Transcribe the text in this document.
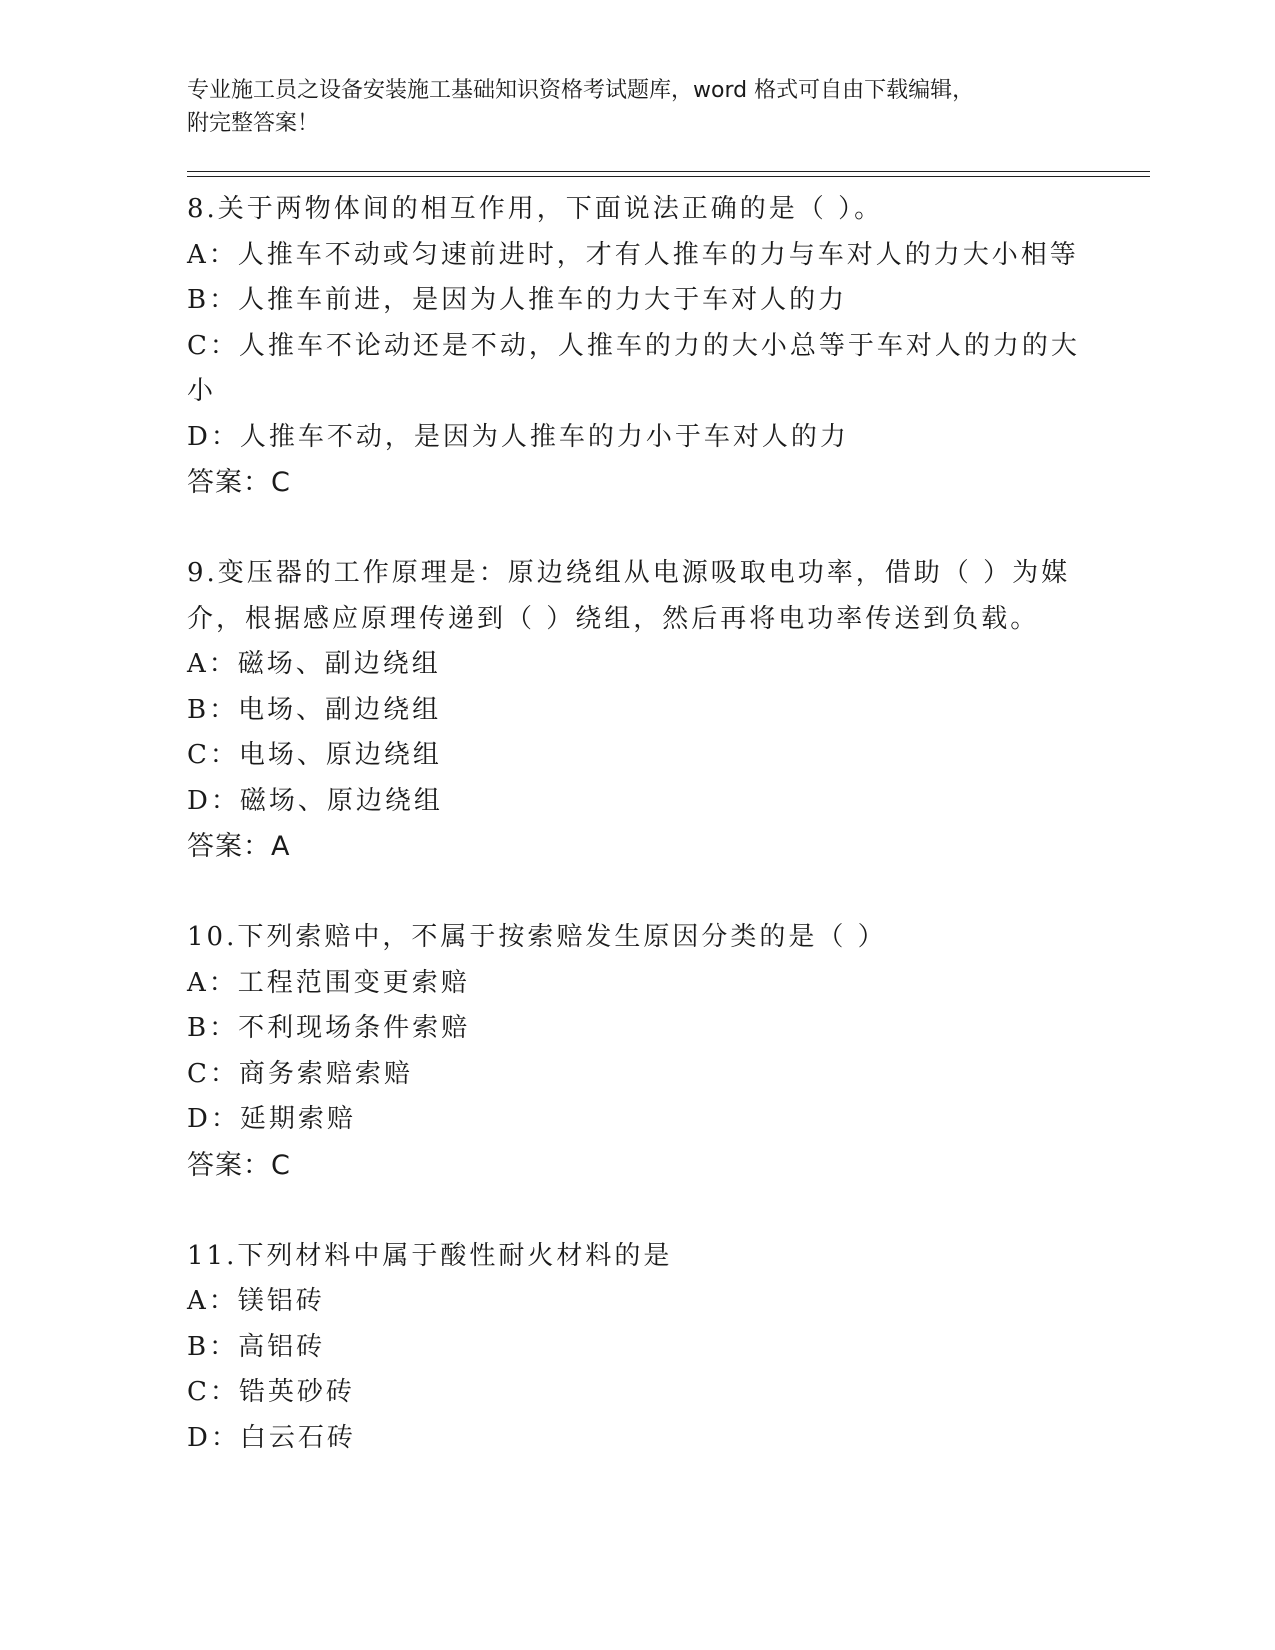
专业施工员之设备安装施工基础知识资格考试题库，word 格式可自由下载编辑，
附完整答案！
8.关于两物体间的相互作用，下面说法正确的是（ ）。
A：人推车不动或匀速前进时，才有人推车的力与车对人的力大小相等
B：人推车前进，是因为人推车的力大于车对人的力
C：人推车不论动还是不动，人推车的力的大小总等于车对人的力的大
小
D：人推车不动，是因为人推车的力小于车对人的力
答案：C
9.变压器的工作原理是：原边绕组从电源吸取电功率，借助（ ）为媒
介，根据感应原理传递到（ ）绕组，然后再将电功率传送到负载。
A：磁场、副边绕组
B：电场、副边绕组
C：电场、原边绕组
D：磁场、原边绕组
答案：A
10.下列索赔中，不属于按索赔发生原因分类的是（ ）
A：工程范围变更索赔
B：不利现场条件索赔
C：商务索赔索赔
D：延期索赔
答案：C
11.下列材料中属于酸性耐火材料的是
A：镁铝砖
B：高铝砖
C：锆英砂砖
D：白云石砖
